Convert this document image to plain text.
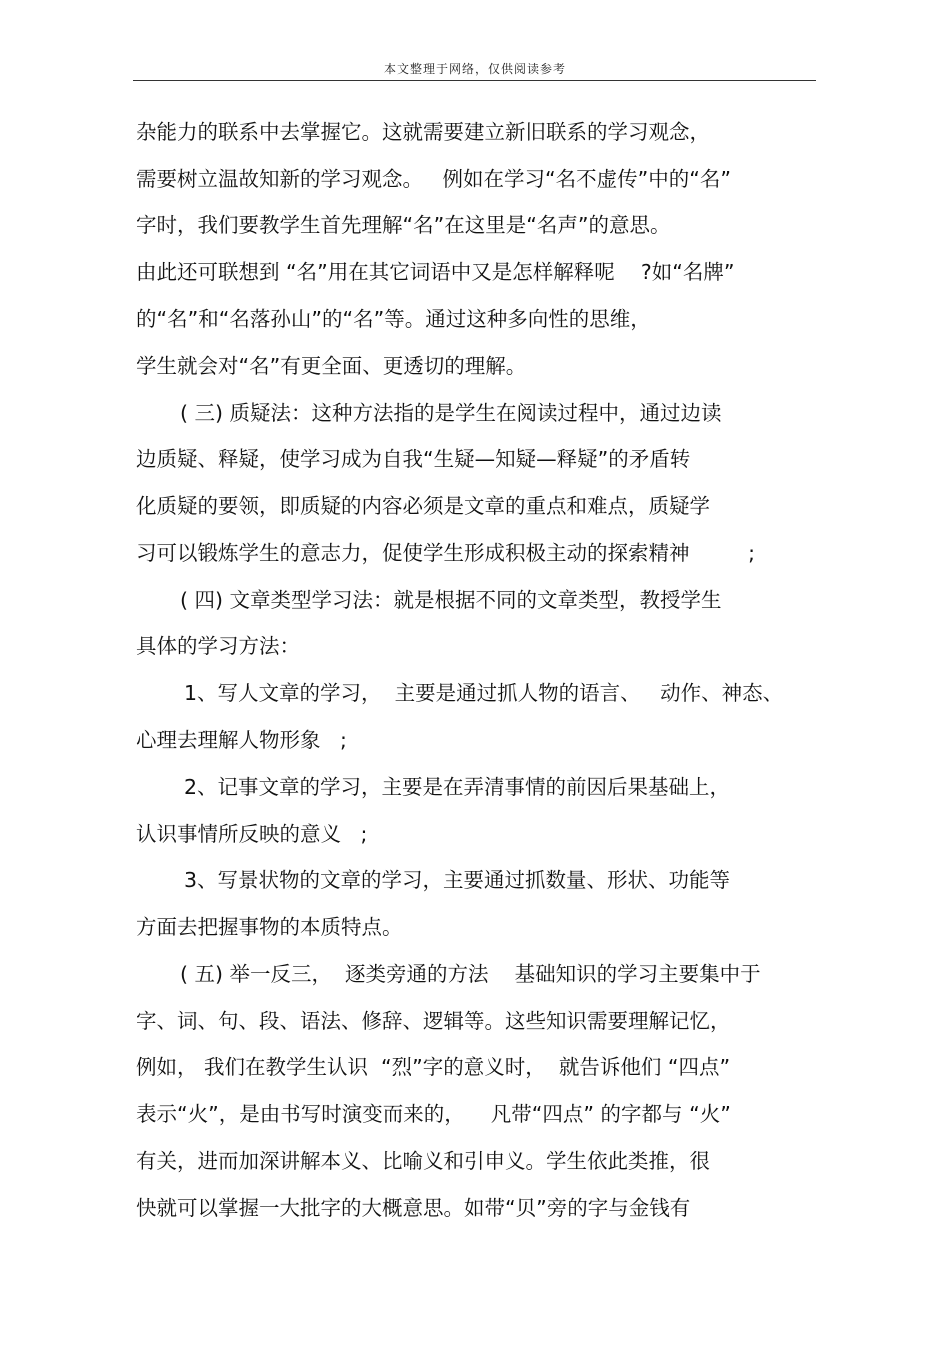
本文整理于网络，仅供阅读参考
杂能力的联系中去掌握它。这就需要建立新旧联系的学习观念，
需要树立温故知新的学习观念。   例如在学习“名不虚传”中的“名”
字时，我们要教学生首先理解“名”在这里是“名声”的意思。
由此还可联想到 “名”用在其它词语中又是怎样解释呢    ?如“名牌”
的“名”和“名落孙山”的“名”等。通过这种多向性的思维，
学生就会对“名”有更全面、更透切的理解。
( 三) 质疑法：这种方法指的是学生在阅读过程中，通过边读
边质疑、释疑，使学习成为自我“生疑—知疑—释疑”的矛盾转
化质疑的要领，即质疑的内容必须是文章的重点和难点，质疑学
习可以锻炼学生的意志力，促使学生形成积极主动的探索精神         ;
( 四) 文章类型学习法：就是根据不同的文章类型，教授学生
具体的学习方法：
1、写人文章的学习，  主要是通过抓人物的语言、   动作、神态、
心理去理解人物形象   ;
2、记事文章的学习，主要是在弄清事情的前因后果基础上，
认识事情所反映的意义   ;
3、写景状物的文章的学习，主要通过抓数量、形状、功能等
方面去把握事物的本质特点。
( 五) 举一反三，  逐类旁通的方法    基础知识的学习主要集中于
字、词、句、段、语法、修辞、逻辑等。这些知识需要理解记忆，
例如， 我们在教学生认识  “烈”字的意义时，  就告诉他们 “四点”
表示“火”，是由书写时演变而来的，    凡带“四点” 的字都与 “火”
有关，进而加深讲解本义、比喻义和引申义。学生依此类推，很
快就可以掌握一大批字的大概意思。如带“贝”旁的字与金钱有
